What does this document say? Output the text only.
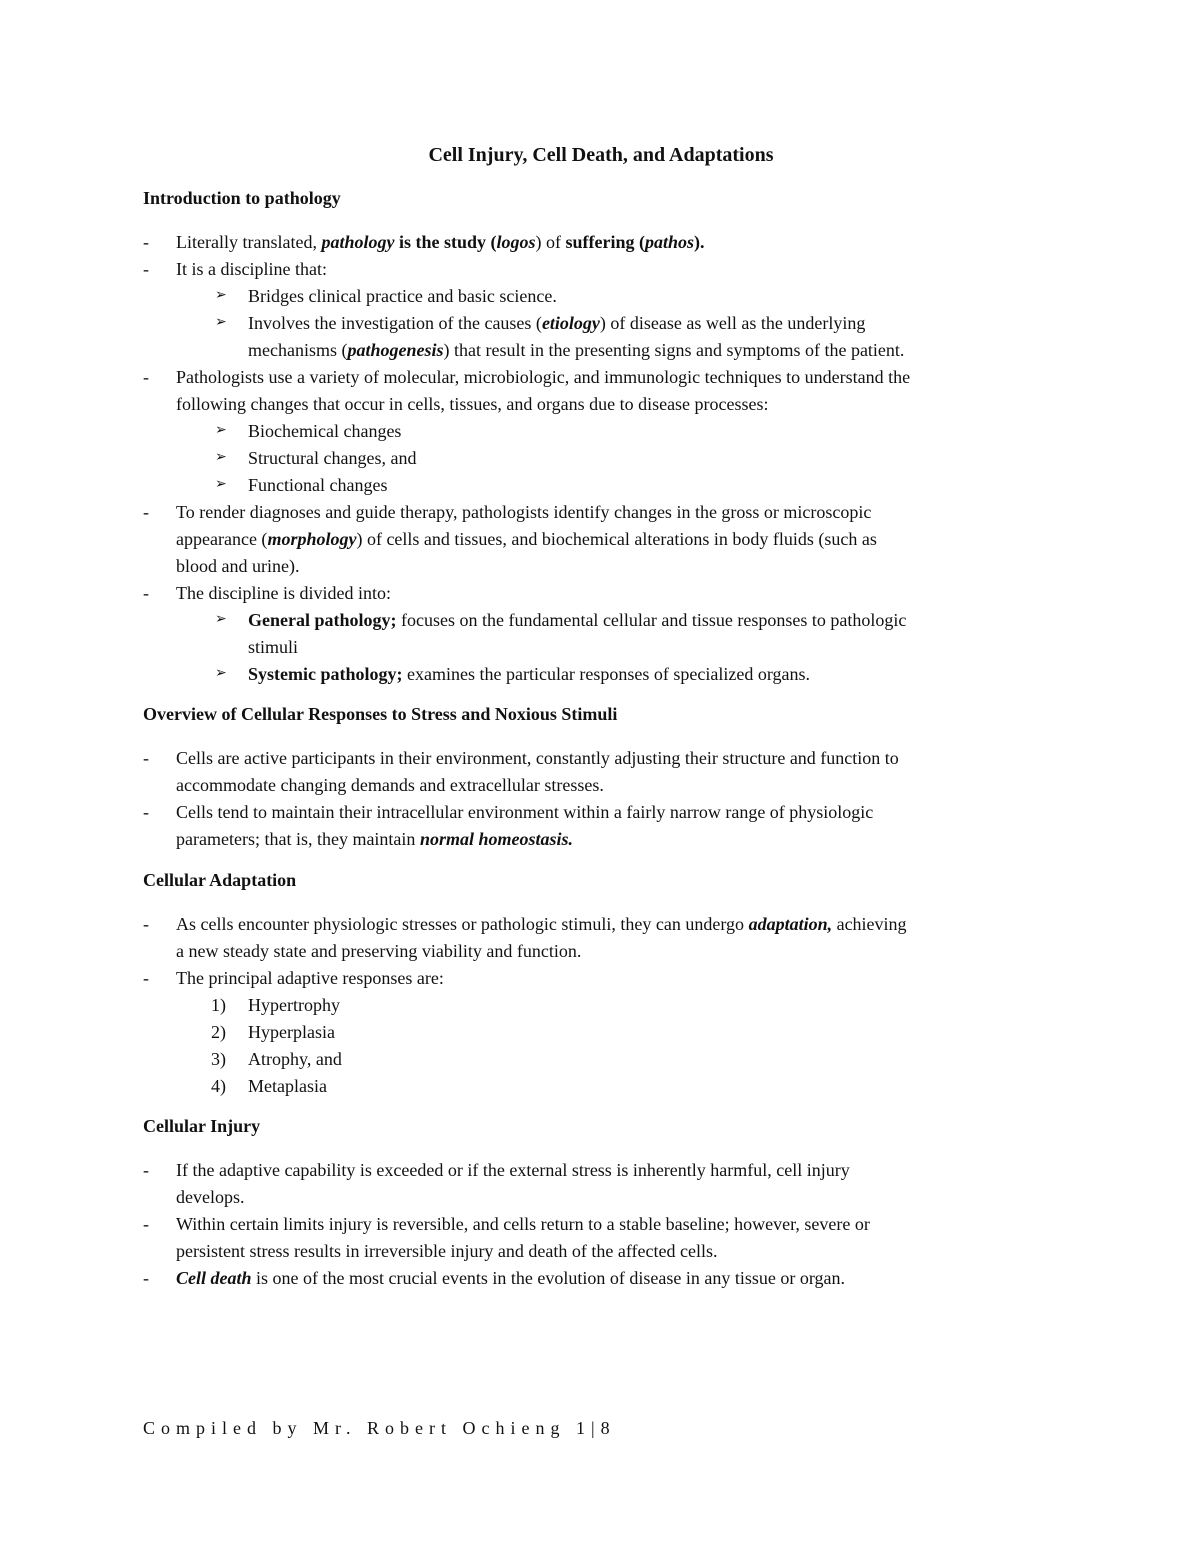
Cell Injury, Cell Death, and Adaptations
Introduction to pathology
- Literally translated, pathology is the study (logos) of suffering (pathos).
- It is a discipline that:
➢ Bridges clinical practice and basic science.
➢ Involves the investigation of the causes (etiology) of disease as well as the underlying
mechanisms (pathogenesis) that result in the presenting signs and symptoms of the patient.
- Pathologists use a variety of molecular, microbiologic, and immunologic techniques to understand the
following changes that occur in cells, tissues, and organs due to disease processes:
➢ Biochemical changes
➢ Structural changes, and
➢ Functional changes
- To render diagnoses and guide therapy, pathologists identify changes in the gross or microscopic
appearance (morphology) of cells and tissues, and biochemical alterations in body fluids (such as
blood and urine).
- The discipline is divided into:
➢ General pathology; focuses on the fundamental cellular and tissue responses to pathologic
stimuli
➢ Systemic pathology; examines the particular responses of specialized organs.
Overview of Cellular Responses to Stress and Noxious Stimuli
- Cells are active participants in their environment, constantly adjusting their structure and function to
accommodate changing demands and extracellular stresses.
- Cells tend to maintain their intracellular environment within a fairly narrow range of physiologic
parameters; that is, they maintain normal homeostasis.
Cellular Adaptation
- As cells encounter physiologic stresses or pathologic stimuli, they can undergo adaptation, achieving
a new steady state and preserving viability and function.
- The principal adaptive responses are:
1) Hypertrophy
2) Hyperplasia
3) Atrophy, and
4) Metaplasia
Cellular Injury
- If the adaptive capability is exceeded or if the external stress is inherently harmful, cell injury
develops.
- Within certain limits injury is reversible, and cells return to a stable baseline; however, severe or
persistent stress results in irreversible injury and death of the affected cells.
- Cell death is one of the most crucial events in the evolution of disease in any tissue or organ.
Compiled by Mr. Robert Ochieng 1|8
